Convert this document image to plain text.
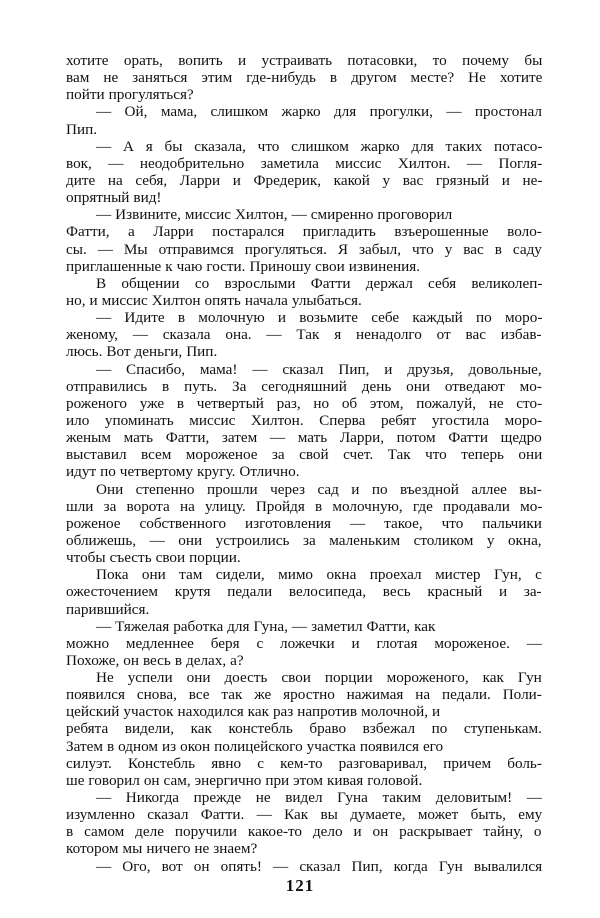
хотите орать, вопить и устраивать потасовки, то почему бы
вам не заняться этим где-нибудь в другом месте? Не хотите
пойти прогуляться?
— Ой, мама, слишком жарко для прогулки, — простонал
Пип.
— А я бы сказала, что слишком жарко для таких потасо-
вок, — неодобрительно заметила миссис Хилтон. — Погля-
дите на себя, Ларри и Фредерик, какой у вас грязный и не-
опрятный вид!
— Извините, миссис Хилтон, — смиренно проговорил
Фатти, а Ларри постарался пригладить взъерошенные воло-
сы. — Мы отправимся прогуляться. Я забыл, что у вас в саду
приглашенные к чаю гости. Приношу свои извинения.
В общении со взрослыми Фатти держал себя великолеп-
но, и миссис Хилтон опять начала улыбаться.
— Идите в молочную и возьмите себе каждый по моро-
женому, — сказала она. — Так я ненадолго от вас избав-
люсь. Вот деньги, Пип.
— Спасибо, мама! — сказал Пип, и друзья, довольные,
отправились в путь. За сегодняшний день они отведают мо-
роженого уже в четвертый раз, но об этом, пожалуй, не сто-
ило упоминать миссис Хилтон. Сперва ребят угостила моро-
женым мать Фатти, затем — мать Ларри, потом Фатти щедро
выставил всем мороженое за свой счет. Так что теперь они
идут по четвертому кругу. Отлично.
Они степенно прошли через сад и по въездной аллее вы-
шли за ворота на улицу. Пройдя в молочную, где продавали мо-
роженое собственного изготовления — такое, что пальчики
оближешь, — они устроились за маленьким столиком у окна,
чтобы съесть свои порции.
Пока они там сидели, мимо окна проехал мистер Гун, с
ожесточением крутя педали велосипеда, весь красный и за-
парившийся.
— Тяжелая работка для Гуна, — заметил Фатти, как
можно медленнее беря с ложечки и глотая мороженое. —
Похоже, он весь в делах, а?
Не успели они доесть свои порции мороженого, как Гун
появился снова, все так же яростно нажимая на педали. Поли-
цейский участок находился как раз напротив молочной, и
ребята видели, как констебль браво взбежал по ступенькам.
Затем в одном из окон полицейского участка появился его
силуэт. Констебль явно с кем-то разговаривал, причем боль-
ше говорил он сам, энергично при этом кивая головой.
— Никогда прежде не видел Гуна таким деловитым! —
изумленно сказал Фатти. — Как вы думаете, может быть, ему
в самом деле поручили какое-то дело и он раскрывает тайну, о
котором мы ничего не знаем?
— Ого, вот он опять! — сказал Пип, когда Гун вывалился
121
